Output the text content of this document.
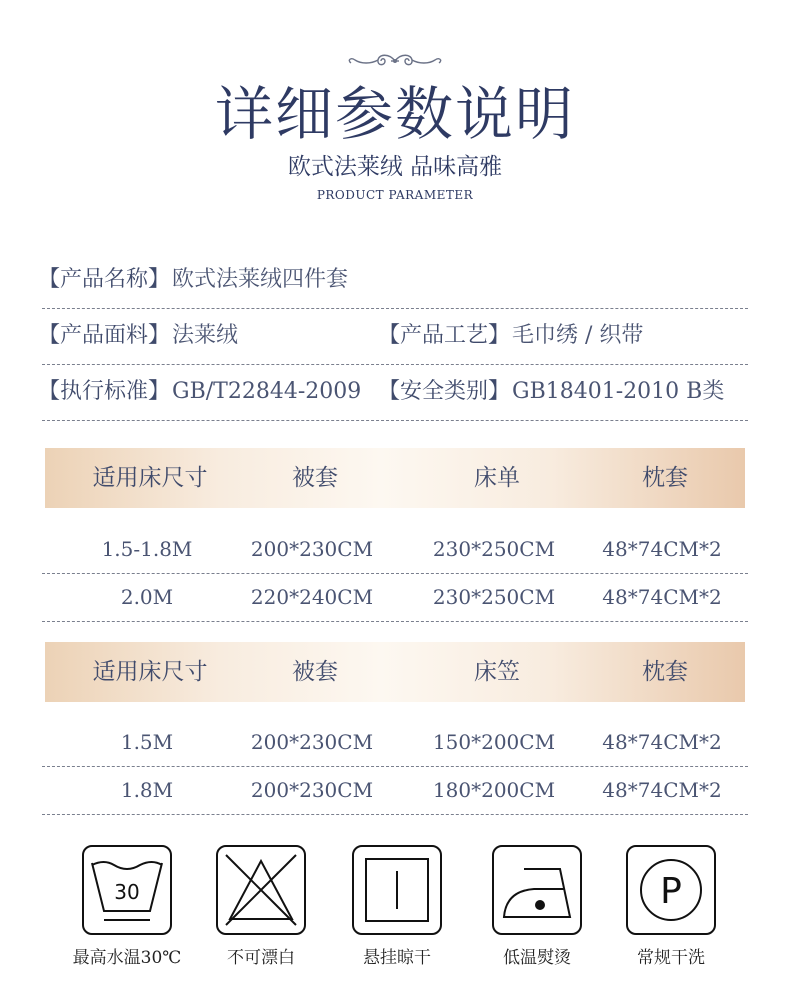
详细参数说明
欧式法莱绒 品味高雅
PRODUCT PARAMETER
【产品名称】欧式法莱绒四件套
【产品面料】法莱绒	【产品工艺】毛巾绣 / 织带
【执行标准】GB/T22844-2009 【安全类别】GB18401-2010 B类
适用床尺寸	被套	床单	枕套
1.5-1.8M	200*230CM	230*250CM	48*74CM*2
2.0M	220*240CM	230*250CM	48*74CM*2
适用床尺寸	被套	床笠	枕套
1.5M	200*230CM	150*200CM	48*74CM*2
1.8M	200*230CM	180*200CM	48*74CM*2
30
最高水温30℃	不可漂白	悬挂晾干	低温熨烫
P
常规干洗
